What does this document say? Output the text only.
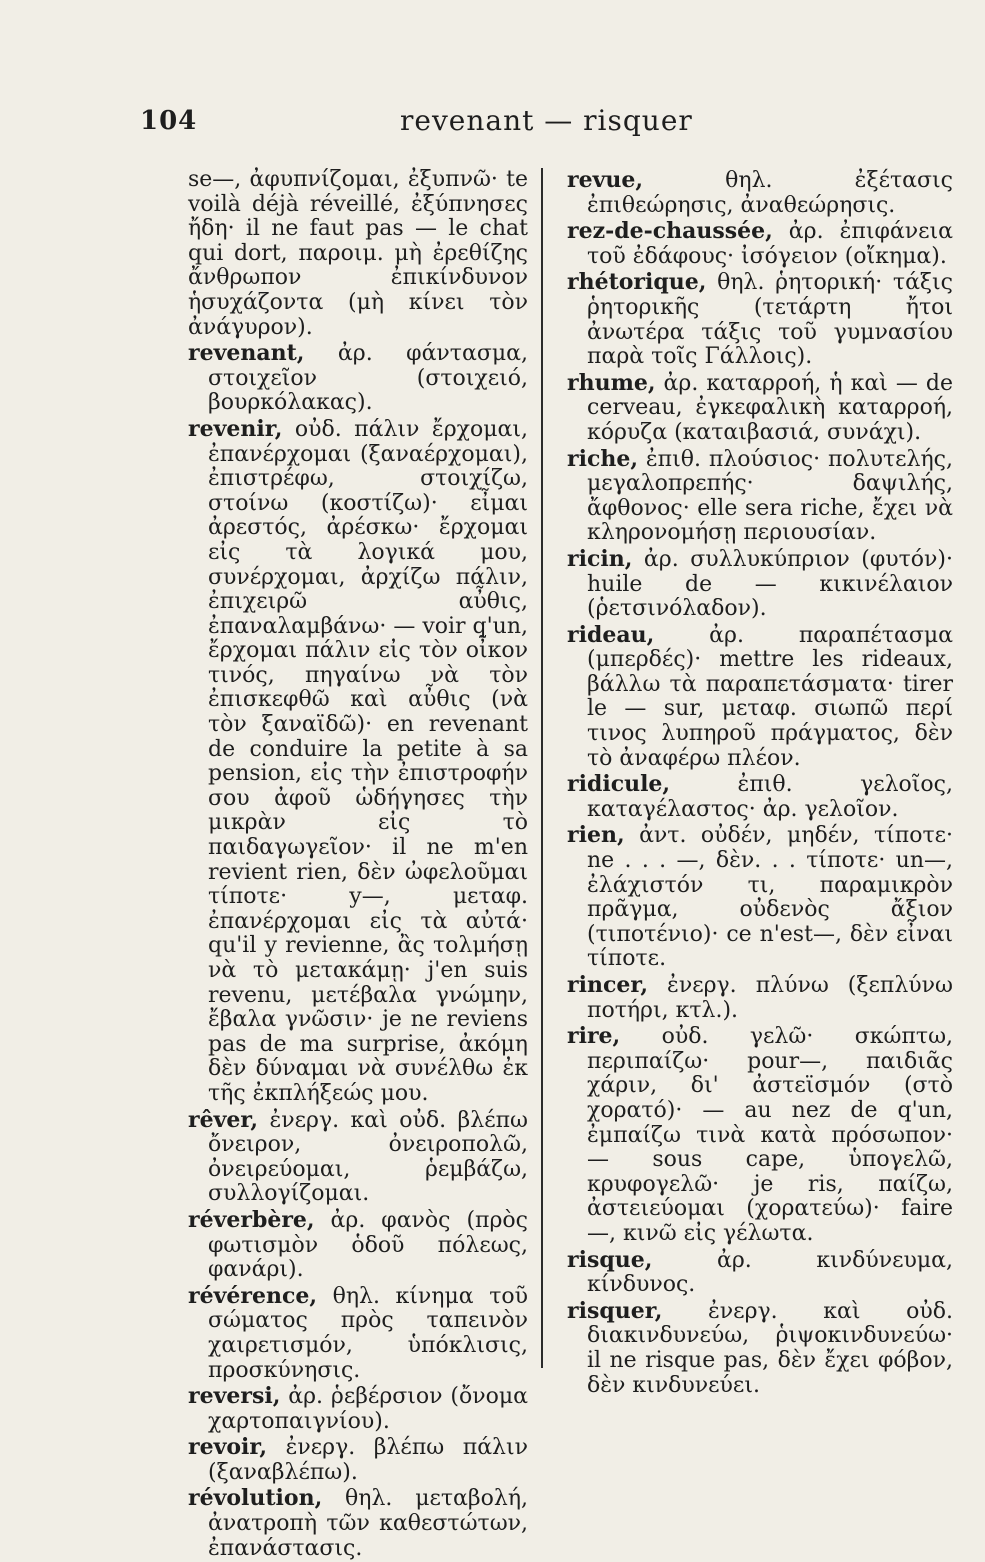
104	revenant — risquer
se—, ἀφυπνίζομαι, ἐξυπνῶ· te voilà déjà réveillé, ἐξύπνησες ἤδη· il ne faut pas — le chat qui dort, παροιμ. μὴ ἐρεθίζης ἄνθρωπον ἐπικίνδυνον ἡσυχάζοντα (μὴ κίνει τὸν ἀνάγυρον).
revenant, ἀρ. φάντασμα, στοιχεῖον (στοιχειό, βουρκόλακας).
revenir, οὐδ. πάλιν ἔρχομαι, ἐπανέρχομαι (ξαναέρχομαι), ἐπιστρέφω, στοιχίζω, στοίνω (κοστίζω)· εἶμαι ἀρεστός, ἀρέσκω· ἔρχομαι εἰς τὰ λογικά μου, συνέρχομαι, ἀρχίζω πάλιν, ἐπιχειρῶ αὖθις, ἐπαναλαμβάνω· — voir q'un, ἔρχομαι πάλιν εἰς τὸν οἶκον τινός, πηγαίνω νὰ τὸν ἐπισκεφθῶ καὶ αὖθις (νὰ τὸν ξαναϊδῶ)· en revenant de conduire la petite à sa pension, εἰς τὴν ἐπιστροφήν σου ἀφοῦ ὡδήγησες τὴν μικρὰν εἰς τὸ παιδαγωγεῖον· il ne m'en revient rien, δὲν ὠφελοῦμαι τίποτε· y—, μεταφ. ἐπανέρχομαι εἰς τὰ αὐτά· qu'il y revienne, ἂς τολμήσῃ νὰ τὸ μετακάμῃ· j'en suis revenu, μετέβαλα γνώμην, ἔβαλα γνῶσιν· je ne reviens pas de ma surprise, ἀκόμη δὲν δύναμαι νὰ συνέλθω ἐκ τῆς ἐκπλήξεώς μου.
rêver, ἐνεργ. καὶ οὐδ. βλέπω ὄνειρον, ὀνειροπολῶ, ὀνειρεύομαι, ῥεμβάζω, συλλογίζομαι.
réverbère, ἀρ. φανὸς (πρὸς φωτισμὸν ὁδοῦ πόλεως, φανάρι).
révérence, θηλ. κίνημα τοῦ σώματος πρὸς ταπεινὸν χαιρετισμόν, ὑπόκλισις, προσκύνησις.
reversi, ἀρ. ῥεβέρσιον (ὄνομα χαρτοπαιγνίου).
revoir, ἐνεργ. βλέπω πάλιν (ξαναβλέπω).
révolution, θηλ. μεταβολή, ἀνατροπὴ τῶν καθεστώτων, ἐπανάστασις.
revue, θηλ. ἐξέτασις ἐπιθεώρησις, ἀναθεώρησις.
rez-de-chaussée, ἀρ. ἐπιφάνεια τοῦ ἐδάφους· ἰσόγειον (οἴκημα).
rhétorique, θηλ. ῥητορική· τάξις ῥητορικῆς (τετάρτη ἤτοι ἀνωτέρα τάξις τοῦ γυμνασίου παρὰ τοῖς Γάλλοις).
rhume, ἀρ. καταρροή, ἡ καὶ — de cerveau, ἐγκεφαλικὴ καταρροή, κόρυζα (καταιβασιά, συνάχι).
riche, ἐπιθ. πλούσιος· πολυτελής, μεγαλοπρεπής· δαψιλής, ἄφθονος· elle sera riche, ἔχει νὰ κληρονομήσῃ περιουσίαν.
ricin, ἀρ. συλλυκύπριον (φυτόν)· huile de — κικινέλαιον (ῥετσινόλαδον).
rideau, ἀρ. παραπέτασμα (μπερδές)· mettre les rideaux, βάλλω τὰ παραπετάσματα· tirer le — sur, μεταφ. σιωπῶ περί τινος λυπηροῦ πράγματος, δὲν τὸ ἀναφέρω πλέον.
ridicule, ἐπιθ. γελοῖος, καταγέλαστος· ἀρ. γελοῖον.
rien, ἀντ. οὐδέν, μηδέν, τίποτε· ne . . . —, δὲν. . . τίποτε· un—, ἐλάχιστόν τι, παραμικρὸν πρᾶγμα, οὐδενὸς ἄξιον (τιποτένιο)· ce n'est—, δὲν εἶναι τίποτε.
rincer, ἐνεργ. πλύνω (ξεπλύνω ποτήρι, κτλ.).
rire, οὐδ. γελῶ· σκώπτω, περιπαίζω· pour—, παιδιᾶς χάριν, δι' ἀστεϊσμόν (στὸ χορατό)· — au nez de q'un, ἐμπαίζω τινὰ κατὰ πρόσωπον· — sous cape, ὑπογελῶ, κρυφογελῶ· je ris, παίζω, ἀστειεύομαι (χορατεύω)· faire—, κινῶ εἰς γέλωτα.
risque, ἀρ. κινδύνευμα, κίνδυνος.
risquer, ἐνεργ. καὶ οὐδ. διακινδυνεύω, ῥιψοκινδυνεύω· il ne risque pas, δὲν ἔχει φόβον, δὲν κινδυνεύει.
